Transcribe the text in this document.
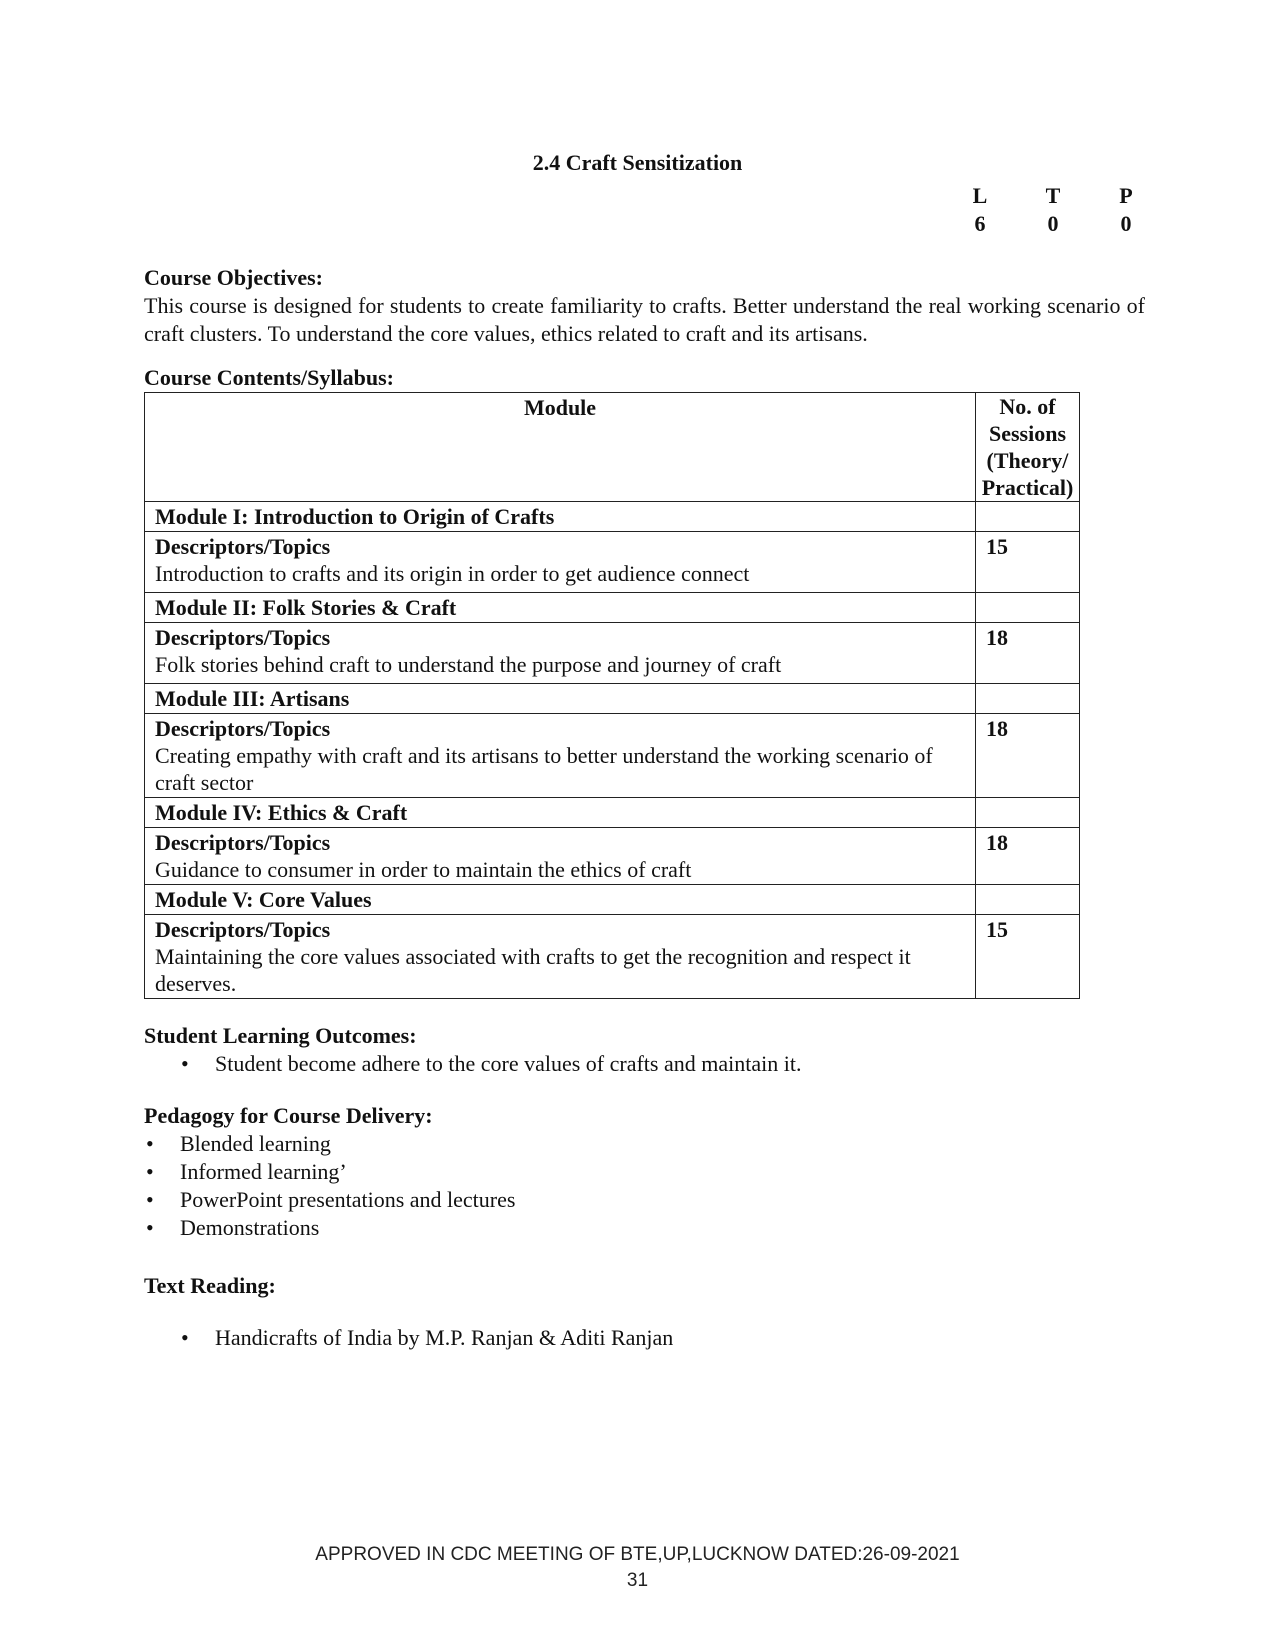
2.4 Craft Sensitization
L	T	P
6	0	0
Course Objectives:
This course is designed for students to create familiarity to crafts. Better understand the real working scenario of craft clusters. To understand the core values, ethics related to craft and its artisans.
Course Contents/Syllabus:
Module	No. of Sessions (Theory/ Practical)
Module I: Introduction to Origin of Crafts	

Descriptors/Topics
Introduction to crafts and its origin in order to get audience connect	15
Module II: Folk Stories & Craft	

Descriptors/Topics
Folk stories behind craft to understand the purpose and journey of craft	18
Module III: Artisans	

Descriptors/Topics
Creating empathy with craft and its artisans to better understand the working scenario of craft sector	18
Module IV: Ethics & Craft	

Descriptors/Topics
Guidance to consumer in order to maintain the ethics of craft	18
Module V: Core Values	

Descriptors/Topics
Maintaining the core values associated with crafts to get the recognition and respect it deserves.	15
Student Learning Outcomes:
• Student become adhere to the core values of crafts and maintain it.
Pedagogy for Course Delivery:
• Blended learning
• Informed learning’
• PowerPoint presentations and lectures
• Demonstrations
Text Reading:
• Handicrafts of India by M.P. Ranjan & Aditi Ranjan
APPROVED IN CDC MEETING OF BTE,UP,LUCKNOW DATED:26-09-2021
31
